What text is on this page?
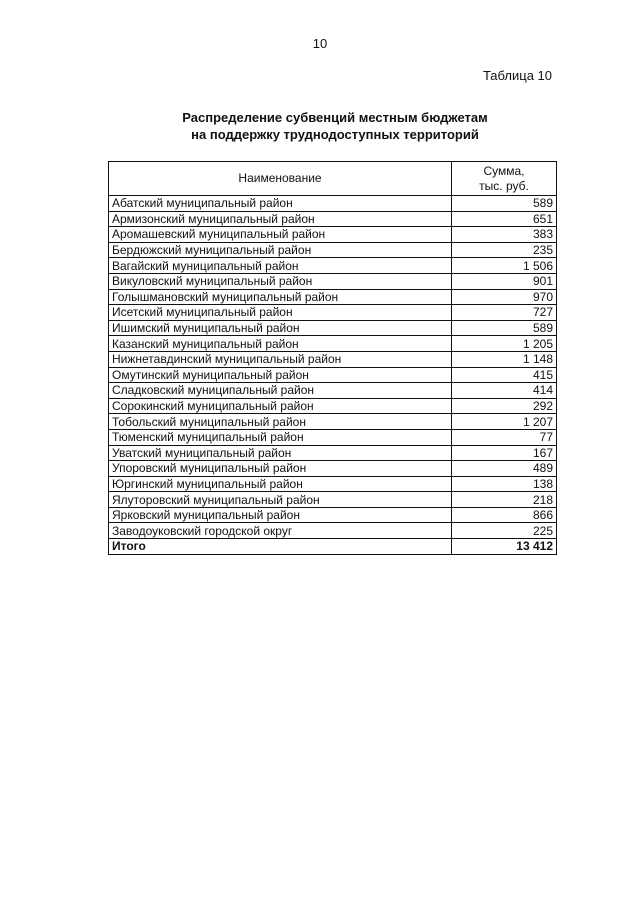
10
Таблица 10
Распределение субвенций местным бюджетам
на поддержку труднодоступных территорий
Наименование	Сумма,
тыс. руб.

Абатский муниципальный район	589
Армизонский муниципальный район	651
Аромашевский муниципальный район	383
Бердюжский муниципальный район	235
Вагайский муниципальный район	1 506
Викуловский муниципальный район	901
Голышмановский муниципальный район	970
Исетский муниципальный район	727
Ишимский муниципальный район	589
Казанский муниципальный район	1 205
Нижнетавдинский муниципальный район	1 148
Омутинский муниципальный район	415
Сладковский муниципальный район	414
Сорокинский муниципальный район	292
Тобольский муниципальный район	1 207
Тюменский муниципальный район	77
Уватский муниципальный район	167
Упоровский муниципальный район	489
Юргинский муниципальный район	138
Ялуторовский муниципальный район	218
Ярковский муниципальный район	866
Заводоуковский городской округ	225
Итого	13 412
